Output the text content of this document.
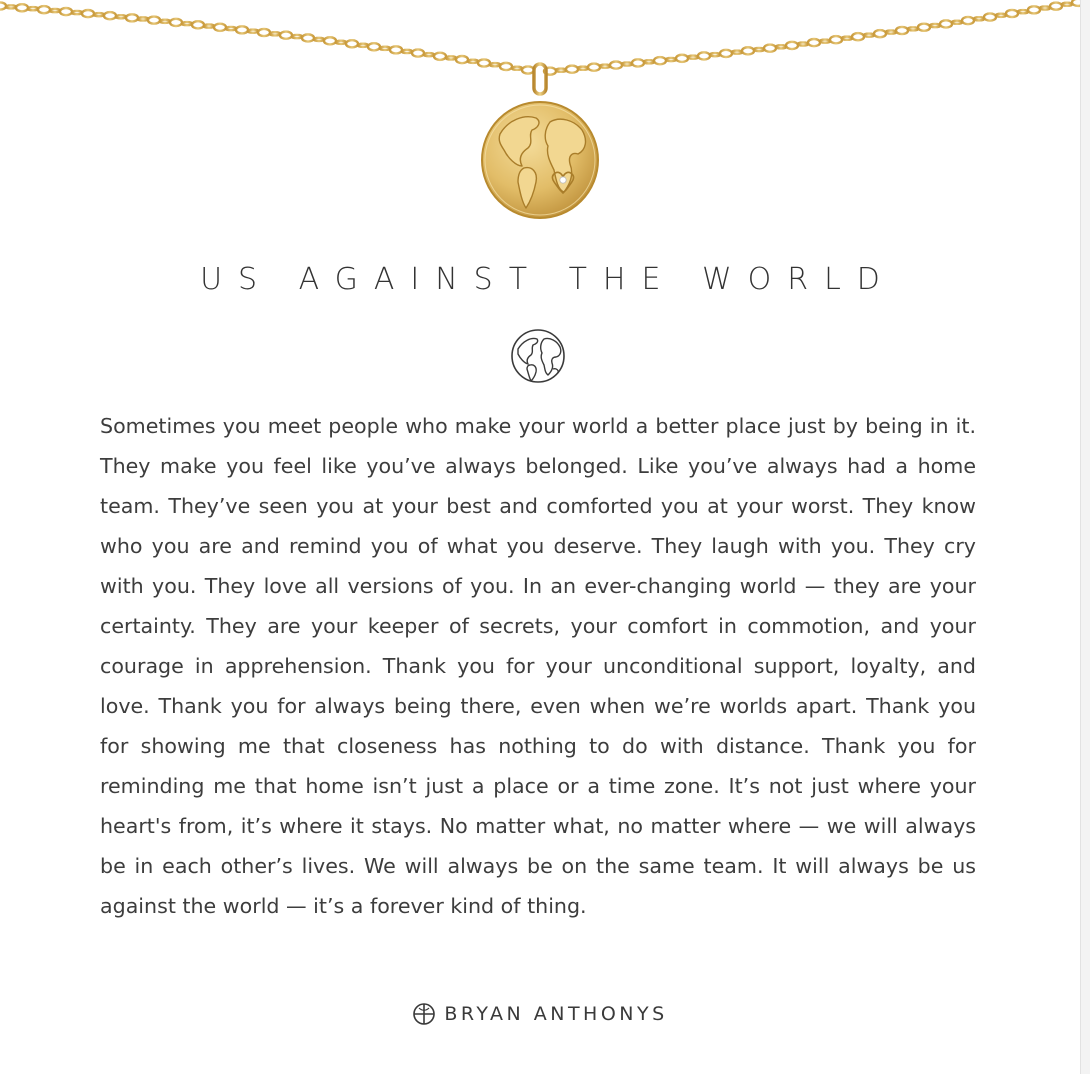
US AGAINST THE WORLD

Sometimes you meet people who make your world a better place just by being in it. They make you feel like you’ve always belonged. Like you’ve always had a home team. They’ve seen you at your best and comforted you at your worst. They know who you are and remind you of what you deserve. They laugh with you. They cry with you. They love all versions of you. In an ever-changing world — they are your certainty. They are your keeper of secrets, your comfort in commotion, and your courage in apprehension. Thank you for your unconditional support, loyalty, and love. Thank you for always being there, even when we’re worlds apart. Thank you for showing me that closeness has nothing to do with distance. Thank you for reminding me that home isn’t just a place or a time zone. It’s not just where your heart's from, it’s where it stays. No matter what, no matter where — we will always be in each other’s lives. We will always be on the same team. It will always be us against the world — it’s a forever kind of thing.

BRYAN ANTHONYS
